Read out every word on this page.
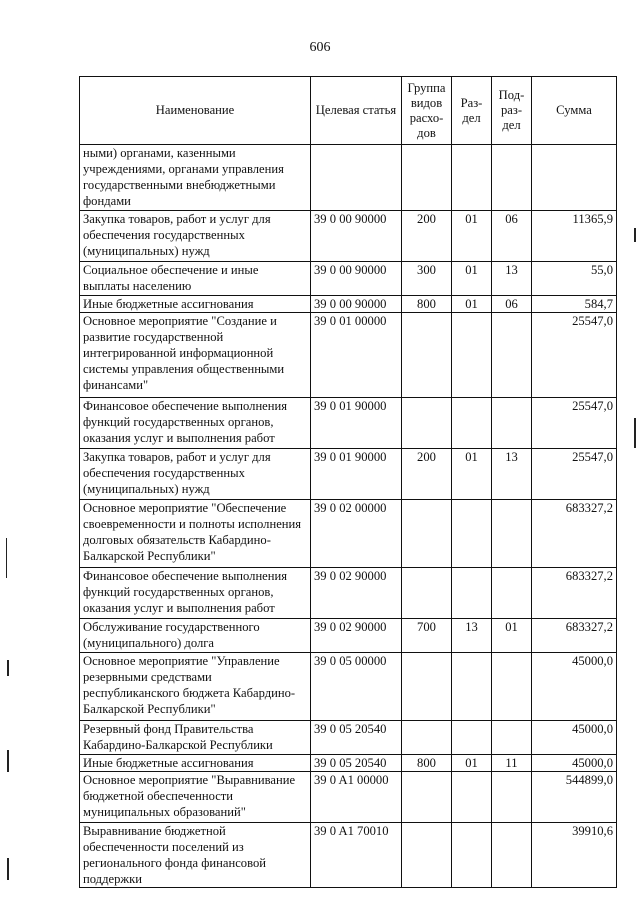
606
Наименование	Целевая статья	Группа видов расхо-дов	Раз-дел	Под-раз-дел	Сумма
ными) органами, казенными учреждениями, органами управления государственными внебюджетными фондами					
Закупка товаров, работ и услуг для обеспечения государственных (муниципальных) нужд	39 0 00 90000	200	01	06	11365,9
Социальное обеспечение и иные выплаты населению	39 0 00 90000	300	01	13	55,0
Иные бюджетные ассигнования	39 0 00 90000	800	01	06	584,7
Основное мероприятие "Создание и развитие государственной интегрированной информационной системы управления общественными финансами"	39 0 01 00000				25547,0
Финансовое обеспечение выполнения функций государственных органов, оказания услуг и выполнения работ	39 0 01 90000				25547,0
Закупка товаров, работ и услуг для обеспечения государственных (муниципальных) нужд	39 0 01 90000	200	01	13	25547,0
Основное мероприятие "Обеспечение своевременности и полноты исполнения долговых обязательств Кабардино-Балкарской Республики"	39 0 02 00000				683327,2
Финансовое обеспечение выполнения функций государственных органов, оказания услуг и выполнения работ	39 0 02 90000				683327,2
Обслуживание государственного (муниципального) долга	39 0 02 90000	700	13	01	683327,2
Основное мероприятие "Управление резервными средствами республиканского бюджета Кабардино-Балкарской Республики"	39 0 05 00000				45000,0
Резервный фонд Правительства Кабардино-Балкарской Республики	39 0 05 20540				45000,0
Иные бюджетные ассигнования	39 0 05 20540	800	01	11	45000,0
Основное мероприятие "Выравнивание бюджетной обеспеченности муниципальных образований"	39 0 A1 00000				544899,0
Выравнивание бюджетной обеспеченности поселений из регионального фонда финансовой поддержки	39 0 A1 70010				39910,6
